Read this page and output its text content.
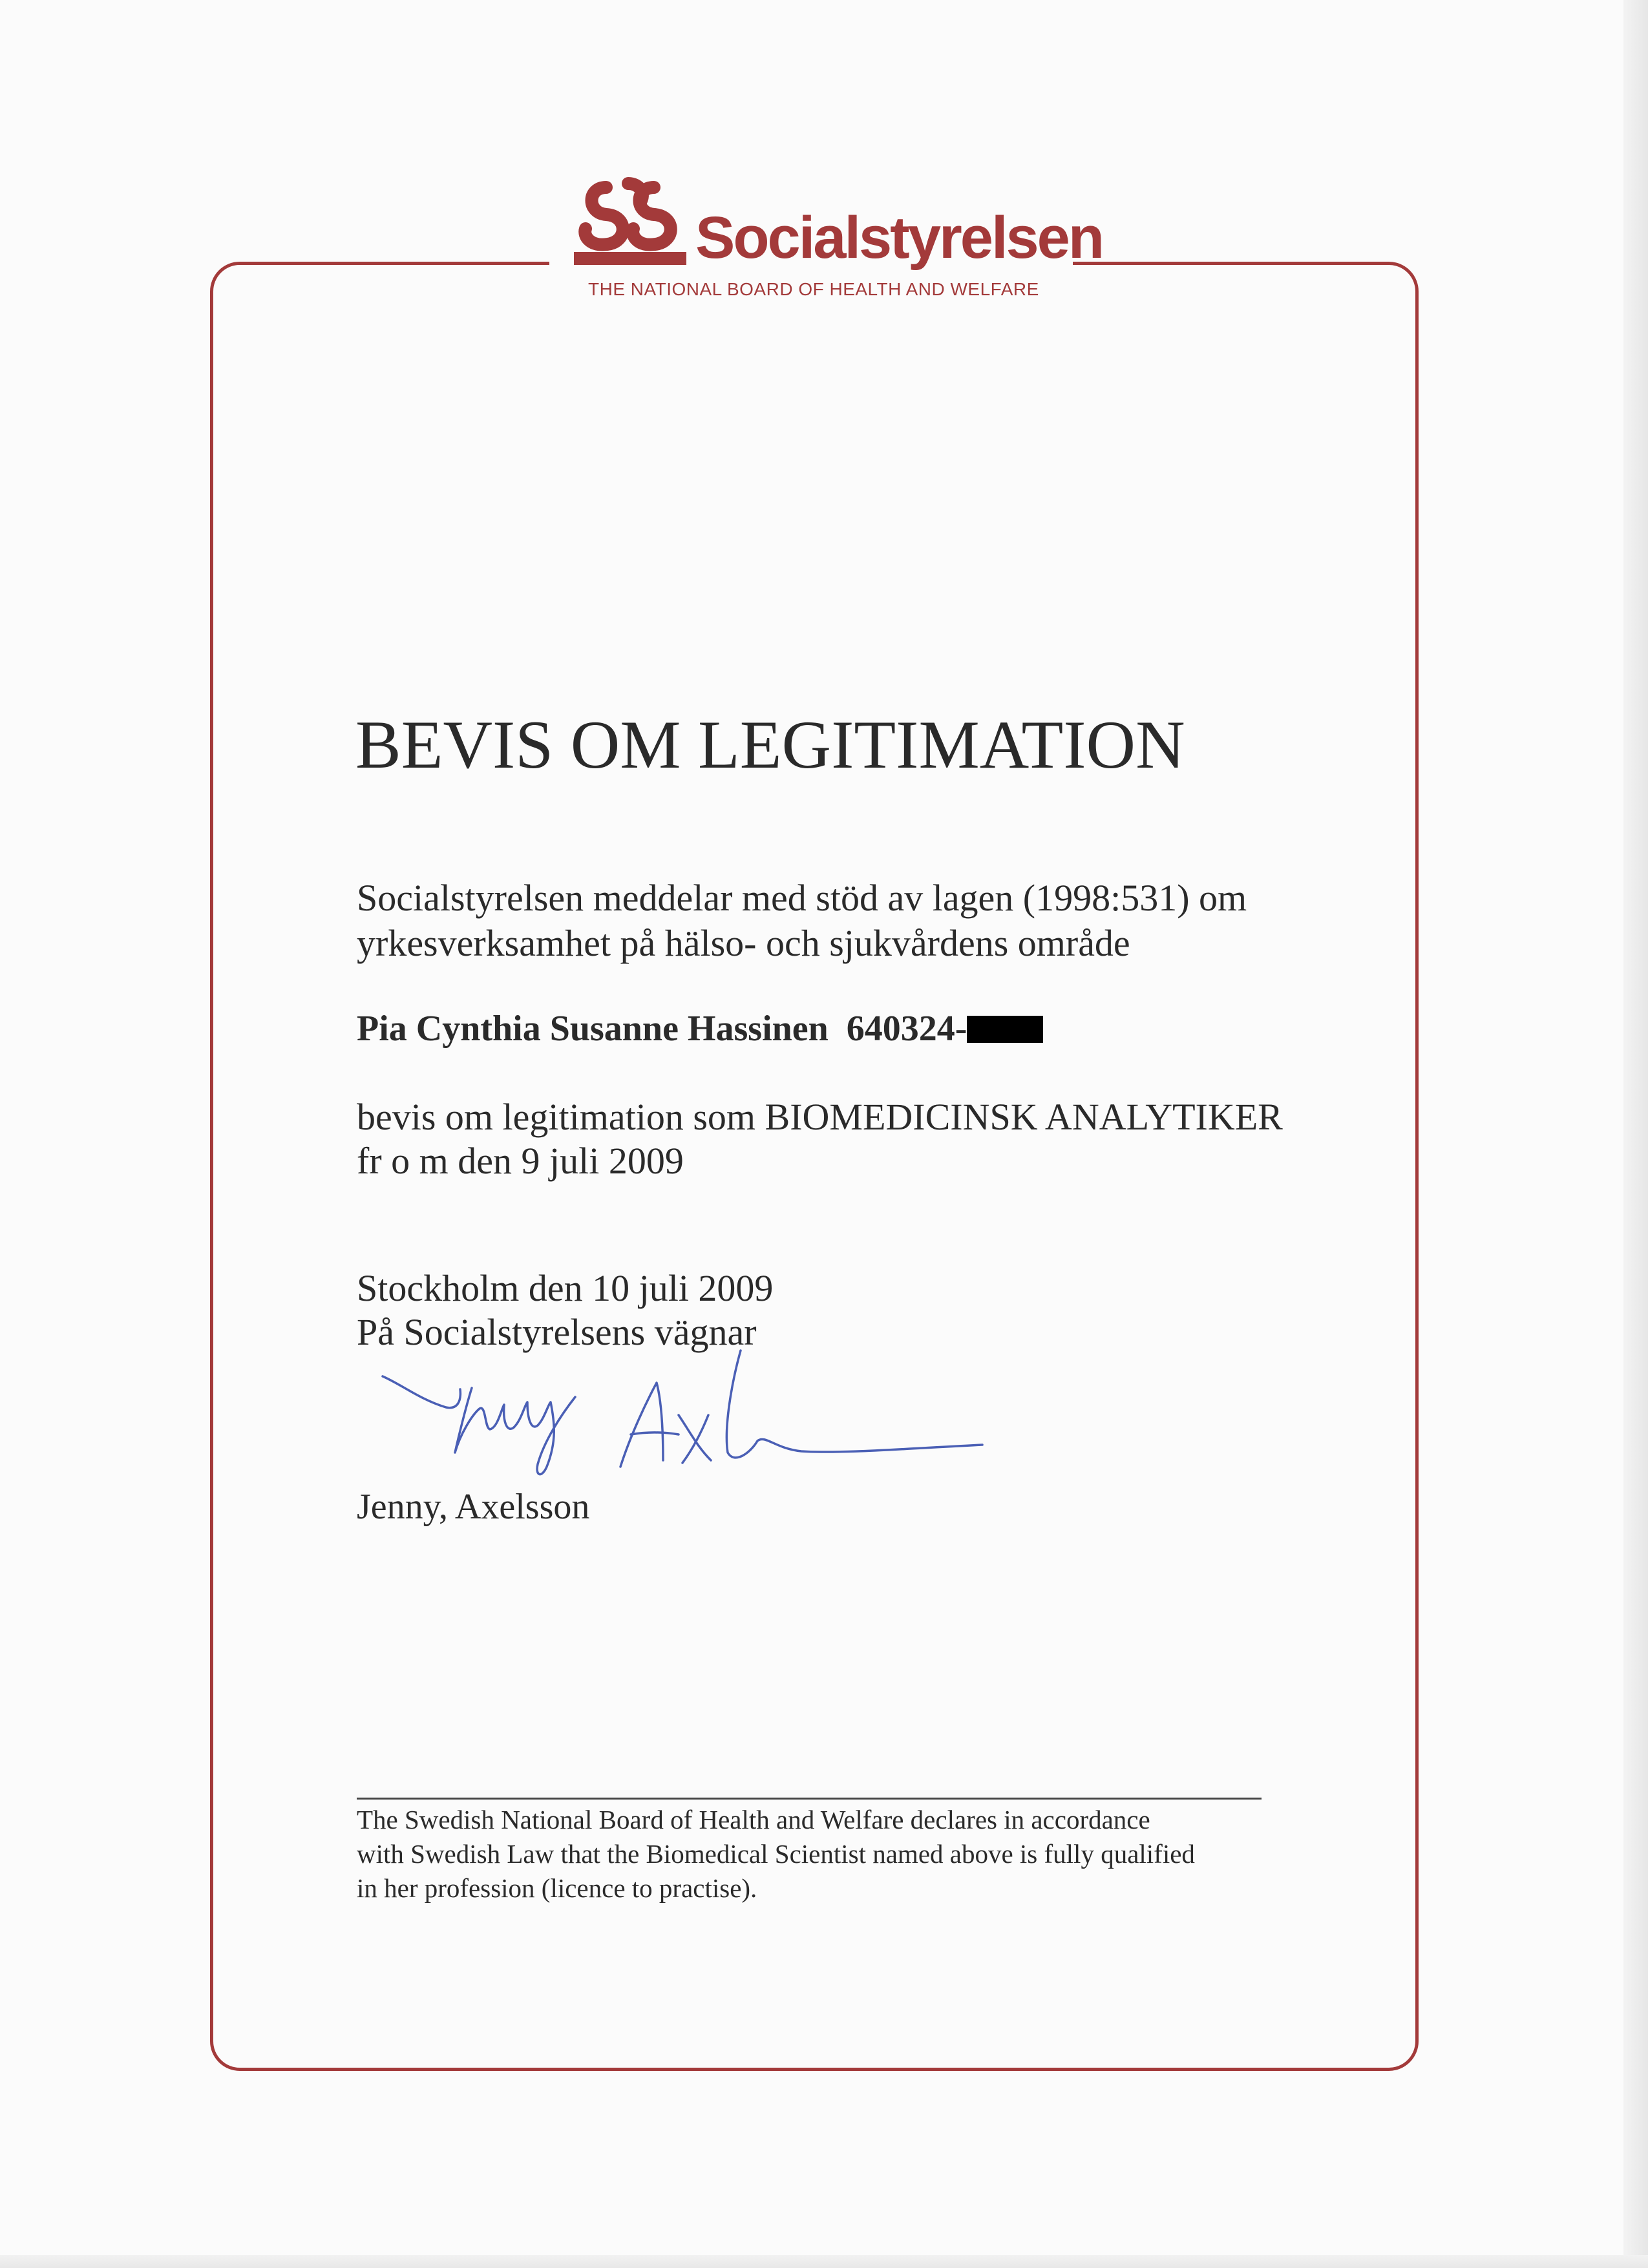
Socialstyrelsen
THE NATIONAL BOARD OF HEALTH AND WELFARE
BEVIS OM LEGITIMATION
Socialstyrelsen meddelar med stöd av lagen (1998:531) om
yrkesverksamhet på hälso- och sjukvårdens område
Pia Cynthia Susanne Hassinen 640324-
bevis om legitimation som BIOMEDICINSK ANALYTIKER
fr o m den 9 juli 2009
Stockholm den 10 juli 2009
På Socialstyrelsens vägnar
Jenny, Axelsson
The Swedish National Board of Health and Welfare declares in accordance
with Swedish Law that the Biomedical Scientist named above is fully qualified
in her profession (licence to practise).
